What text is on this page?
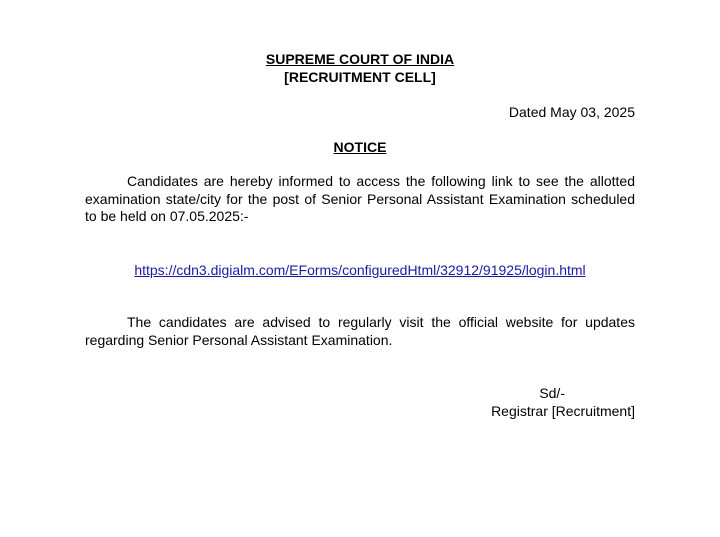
SUPREME COURT OF INDIA
[RECRUITMENT CELL]
Dated May 03, 2025
NOTICE

Candidates are hereby informed to access the following link to see the allotted examination state/city for the post of Senior Personal Assistant Examination scheduled to be held on 07.05.2025:-

https://cdn3.digialm.com/EForms/configuredHtml/32912/91925/login.html

The candidates are advised to regularly visit the official website for updates regarding Senior Personal Assistant Examination.

Sd/-
Registrar [Recruitment]
